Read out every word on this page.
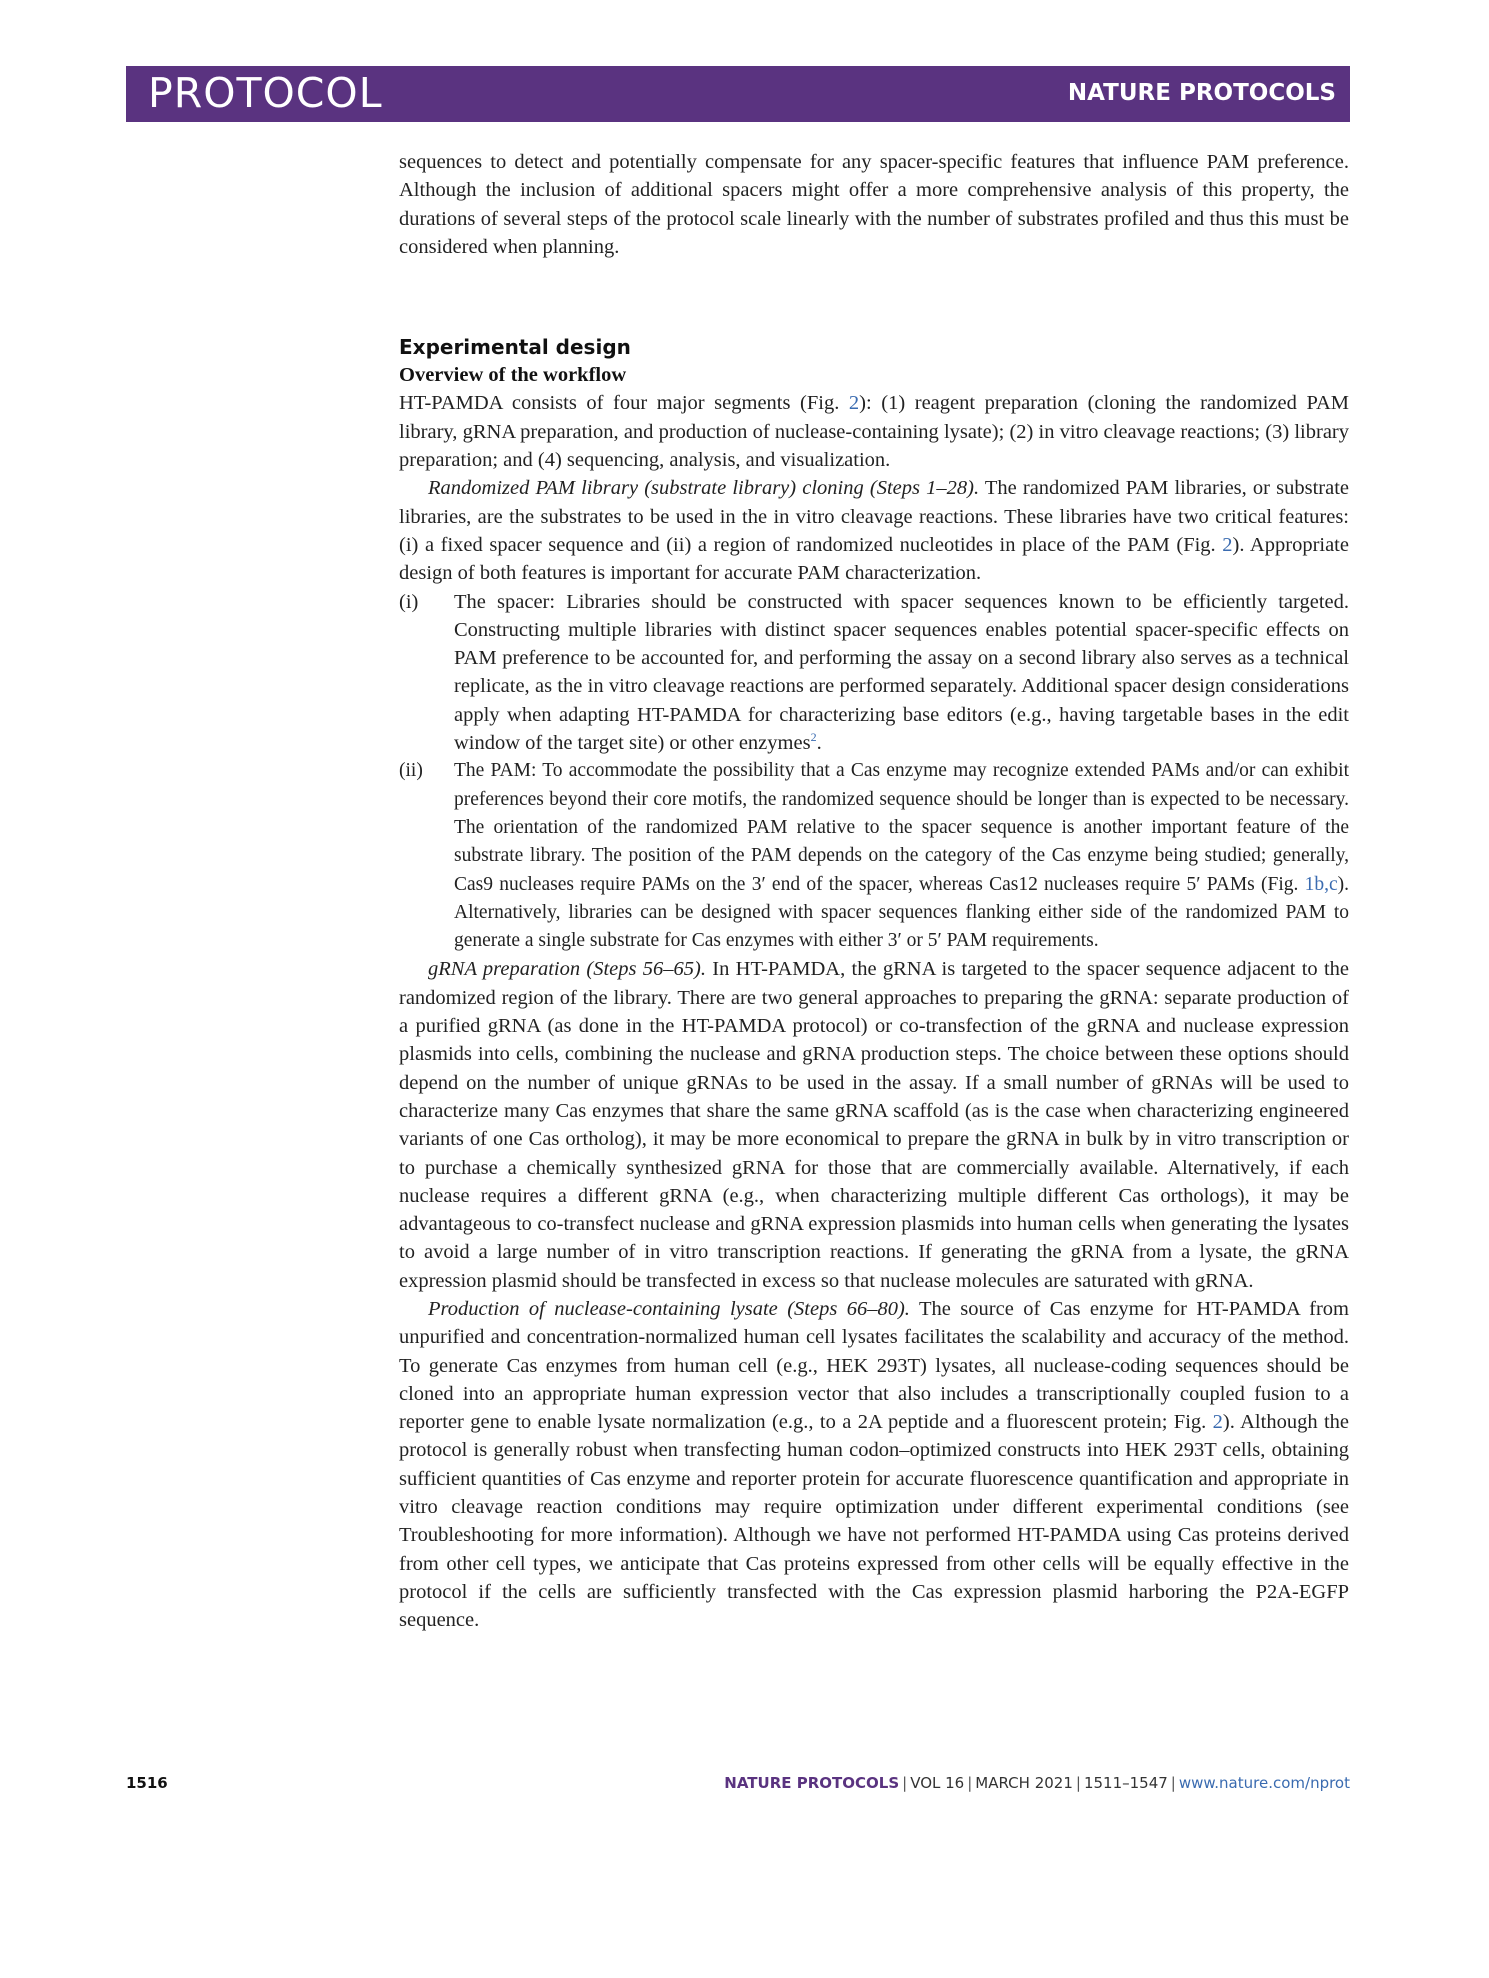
PROTOCOL	NATURE PROTOCOLS

sequences to detect and potentially compensate for any spacer-specific features that influence PAM preference. Although the inclusion of additional spacers might offer a more comprehensive analysis of this property, the durations of several steps of the protocol scale linearly with the number of substrates profiled and thus this must be considered when planning.

Experimental design
Overview of the workflow

HT-PAMDA consists of four major segments (Fig. 2): (1) reagent preparation (cloning the randomized PAM library, gRNA preparation, and production of nuclease-containing lysate); (2) in vitro cleavage reactions; (3) library preparation; and (4) sequencing, analysis, and visualization.

Randomized PAM library (substrate library) cloning (Steps 1–28). The randomized PAM libraries, or substrate libraries, are the substrates to be used in the in vitro cleavage reactions. These libraries have two critical features: (i) a fixed spacer sequence and (ii) a region of randomized nucleotides in place of the PAM (Fig. 2). Appropriate design of both features is important for accurate PAM characterization.

(i) The spacer: Libraries should be constructed with spacer sequences known to be efficiently targeted. Constructing multiple libraries with distinct spacer sequences enables potential spacer-specific effects on PAM preference to be accounted for, and performing the assay on a second library also serves as a technical replicate, as the in vitro cleavage reactions are performed separately. Additional spacer design considerations apply when adapting HT-PAMDA for characterizing base editors (e.g., having targetable bases in the edit window of the target site) or other enzymes$^2$.
(ii) The PAM: To accommodate the possibility that a Cas enzyme may recognize extended PAMs and/or can exhibit preferences beyond their core motifs, the randomized sequence should be longer than is expected to be necessary. The orientation of the randomized PAM relative to the spacer sequence is another important feature of the substrate library. The position of the PAM depends on the category of the Cas enzyme being studied; generally, Cas9 nucleases require PAMs on the 3′ end of the spacer, whereas Cas12 nucleases require 5′ PAMs (Fig. 1b,c). Alternatively, libraries can be designed with spacer sequences flanking either side of the randomized PAM to generate a single substrate for Cas enzymes with either 3′ or 5′ PAM requirements.

gRNA preparation (Steps 56–65). In HT-PAMDA, the gRNA is targeted to the spacer sequence adjacent to the randomized region of the library. There are two general approaches to preparing the gRNA: separate production of a purified gRNA (as done in the HT-PAMDA protocol) or co-transfection of the gRNA and nuclease expression plasmids into cells, combining the nuclease and gRNA production steps. The choice between these options should depend on the number of unique gRNAs to be used in the assay. If a small number of gRNAs will be used to characterize many Cas enzymes that share the same gRNA scaffold (as is the case when characterizing engineered variants of one Cas ortholog), it may be more economical to prepare the gRNA in bulk by in vitro transcription or to purchase a chemically synthesized gRNA for those that are commercially available. Alternatively, if each nuclease requires a different gRNA (e.g., when characterizing multiple different Cas orthologs), it may be advantageous to co-transfect nuclease and gRNA expression plasmids into human cells when generating the lysates to avoid a large number of in vitro transcription reactions. If generating the gRNA from a lysate, the gRNA expression plasmid should be transfected in excess so that nuclease molecules are saturated with gRNA.

Production of nuclease-containing lysate (Steps 66–80). The source of Cas enzyme for HT-PAMDA from unpurified and concentration-normalized human cell lysates facilitates the scalability and accuracy of the method. To generate Cas enzymes from human cell (e.g., HEK 293T) lysates, all nuclease-coding sequences should be cloned into an appropriate human expression vector that also includes a transcriptionally coupled fusion to a reporter gene to enable lysate normalization (e.g., to a 2A peptide and a fluorescent protein; Fig. 2). Although the protocol is generally robust when transfecting human codon–optimized constructs into HEK 293T cells, obtaining sufficient quantities of Cas enzyme and reporter protein for accurate fluorescence quantification and appropriate in vitro cleavage reaction conditions may require optimization under different experimental conditions (see Troubleshooting for more information). Although we have not performed HT-PAMDA using Cas proteins derived from other cell types, we anticipate that Cas proteins expressed from other cells will be equally effective in the protocol if the cells are sufficiently transfected with the Cas expression plasmid harboring the P2A-EGFP sequence.

1516	NATURE PROTOCOLS | VOL 16 | MARCH 2021 | 1511–1547 | www.nature.com/nprot
